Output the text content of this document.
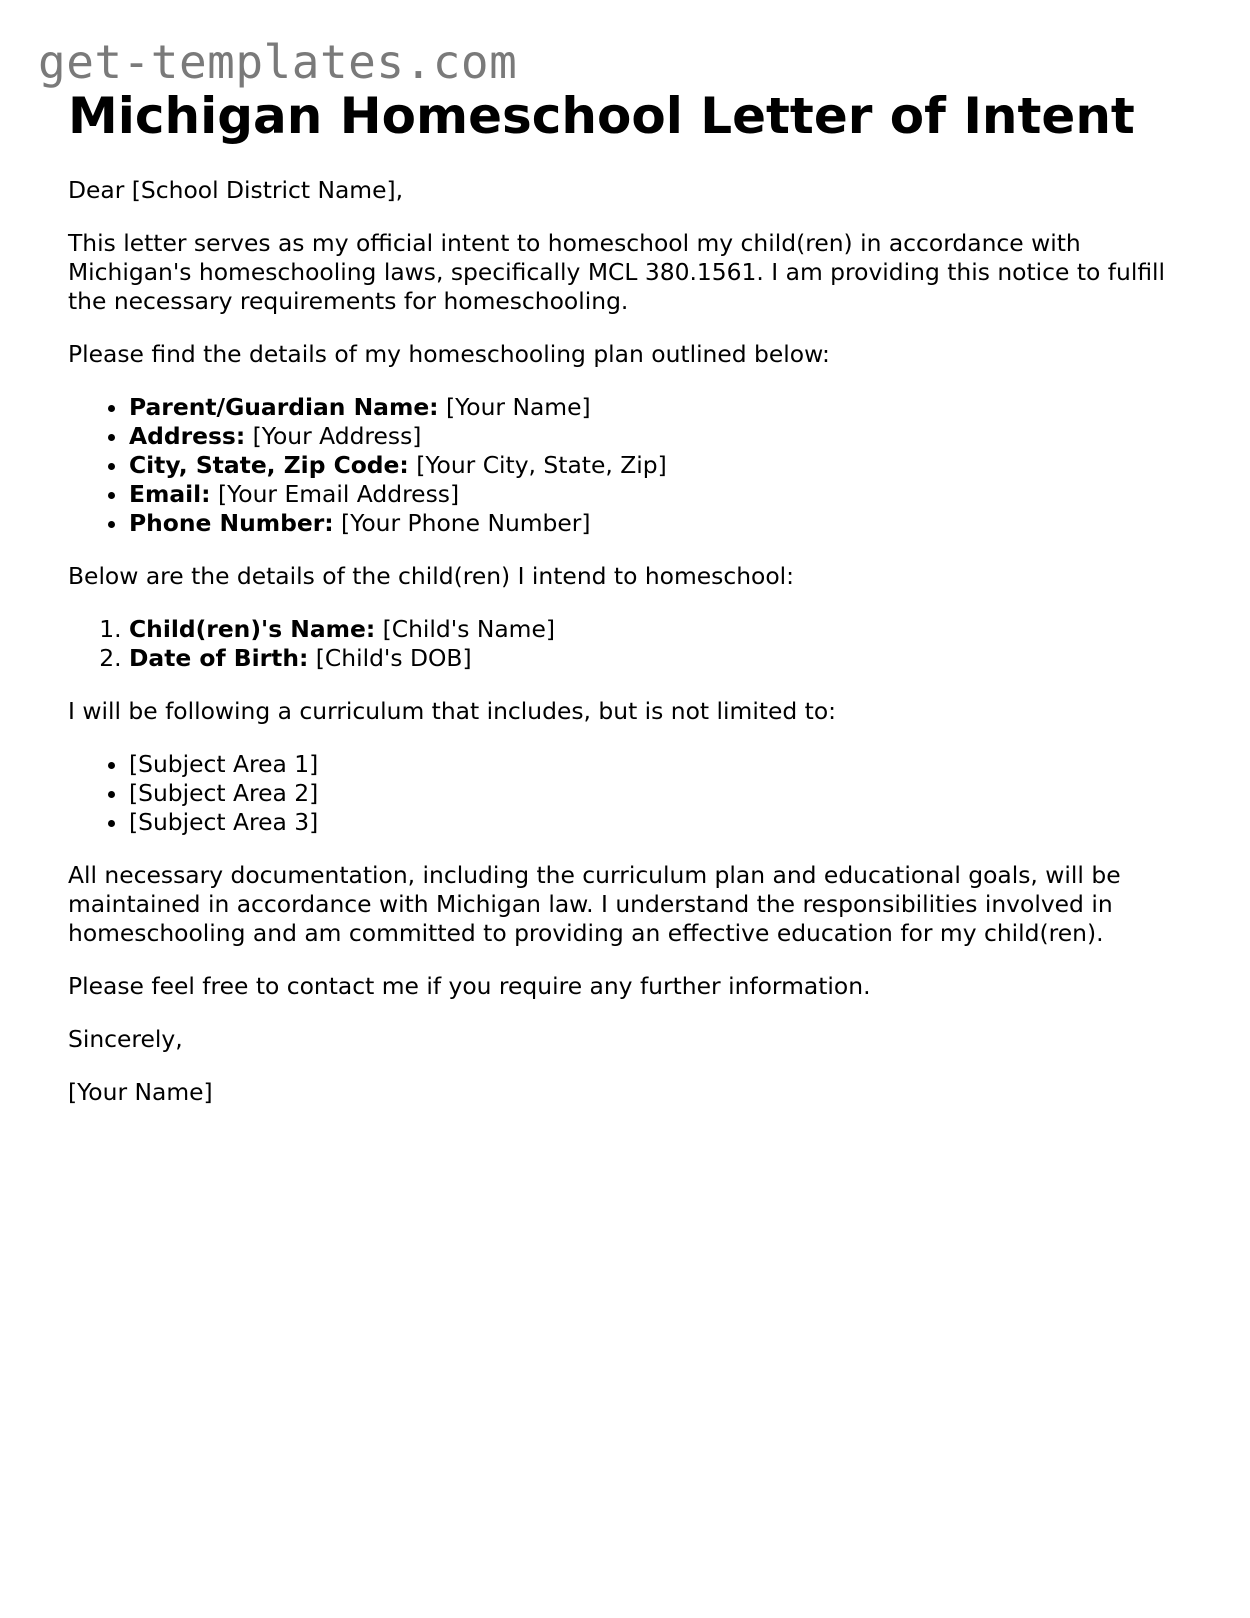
get-templates.com
Michigan Homeschool Letter of Intent

Dear [School District Name],

This letter serves as my official intent to homeschool my child(ren) in accordance with Michigan's homeschooling laws, specifically MCL 380.1561. I am providing this notice to fulfill the necessary requirements for homeschooling.

Please find the details of my homeschooling plan outlined below:

• Parent/Guardian Name: [Your Name]
• Address: [Your Address]
• City, State, Zip Code: [Your City, State, Zip]
• Email: [Your Email Address]
• Phone Number: [Your Phone Number]

Below are the details of the child(ren) I intend to homeschool:

1. Child(ren)'s Name: [Child's Name]
2. Date of Birth: [Child's DOB]

I will be following a curriculum that includes, but is not limited to:

• [Subject Area 1]
• [Subject Area 2]
• [Subject Area 3]

All necessary documentation, including the curriculum plan and educational goals, will be maintained in accordance with Michigan law. I understand the responsibilities involved in homeschooling and am committed to providing an effective education for my child(ren).

Please feel free to contact me if you require any further information.

Sincerely,

[Your Name]
